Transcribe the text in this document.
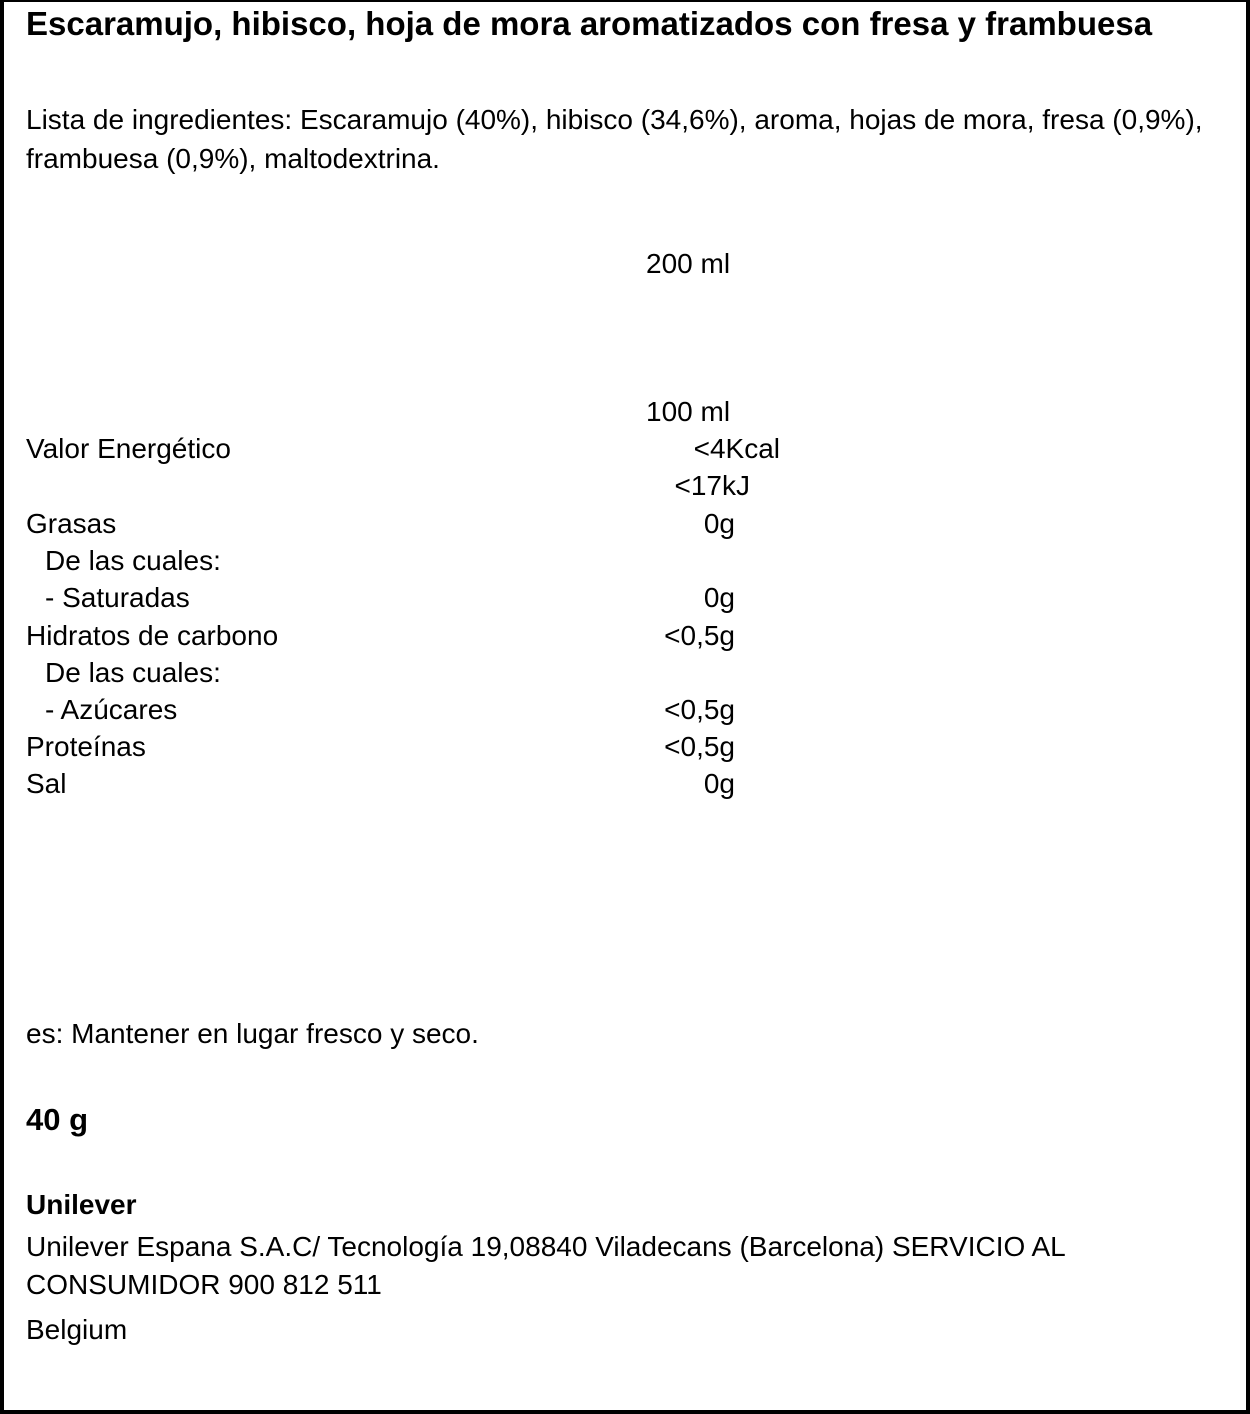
Escaramujo, hibisco, hoja de mora aromatizados con fresa y frambuesa
Lista de ingredientes: Escaramujo (40%), hibisco (34,6%), aroma, hojas de mora, fresa (0,9%), frambuesa (0,9%), maltodextrina.
200 ml
100 ml
Valor Energético	<4Kcal
<17kJ
Grasas	0g
De las cuales:
- Saturadas	0g
Hidratos de carbono	<0,5g
De las cuales:
- Azúcares	<0,5g
Proteínas	<0,5g
Sal	0g
es: Mantener en lugar fresco y seco.
40 g
Unilever
Unilever Espana S.A.C/ Tecnología 19,08840 Viladecans (Barcelona) SERVICIO AL CONSUMIDOR 900 812 511
Belgium
